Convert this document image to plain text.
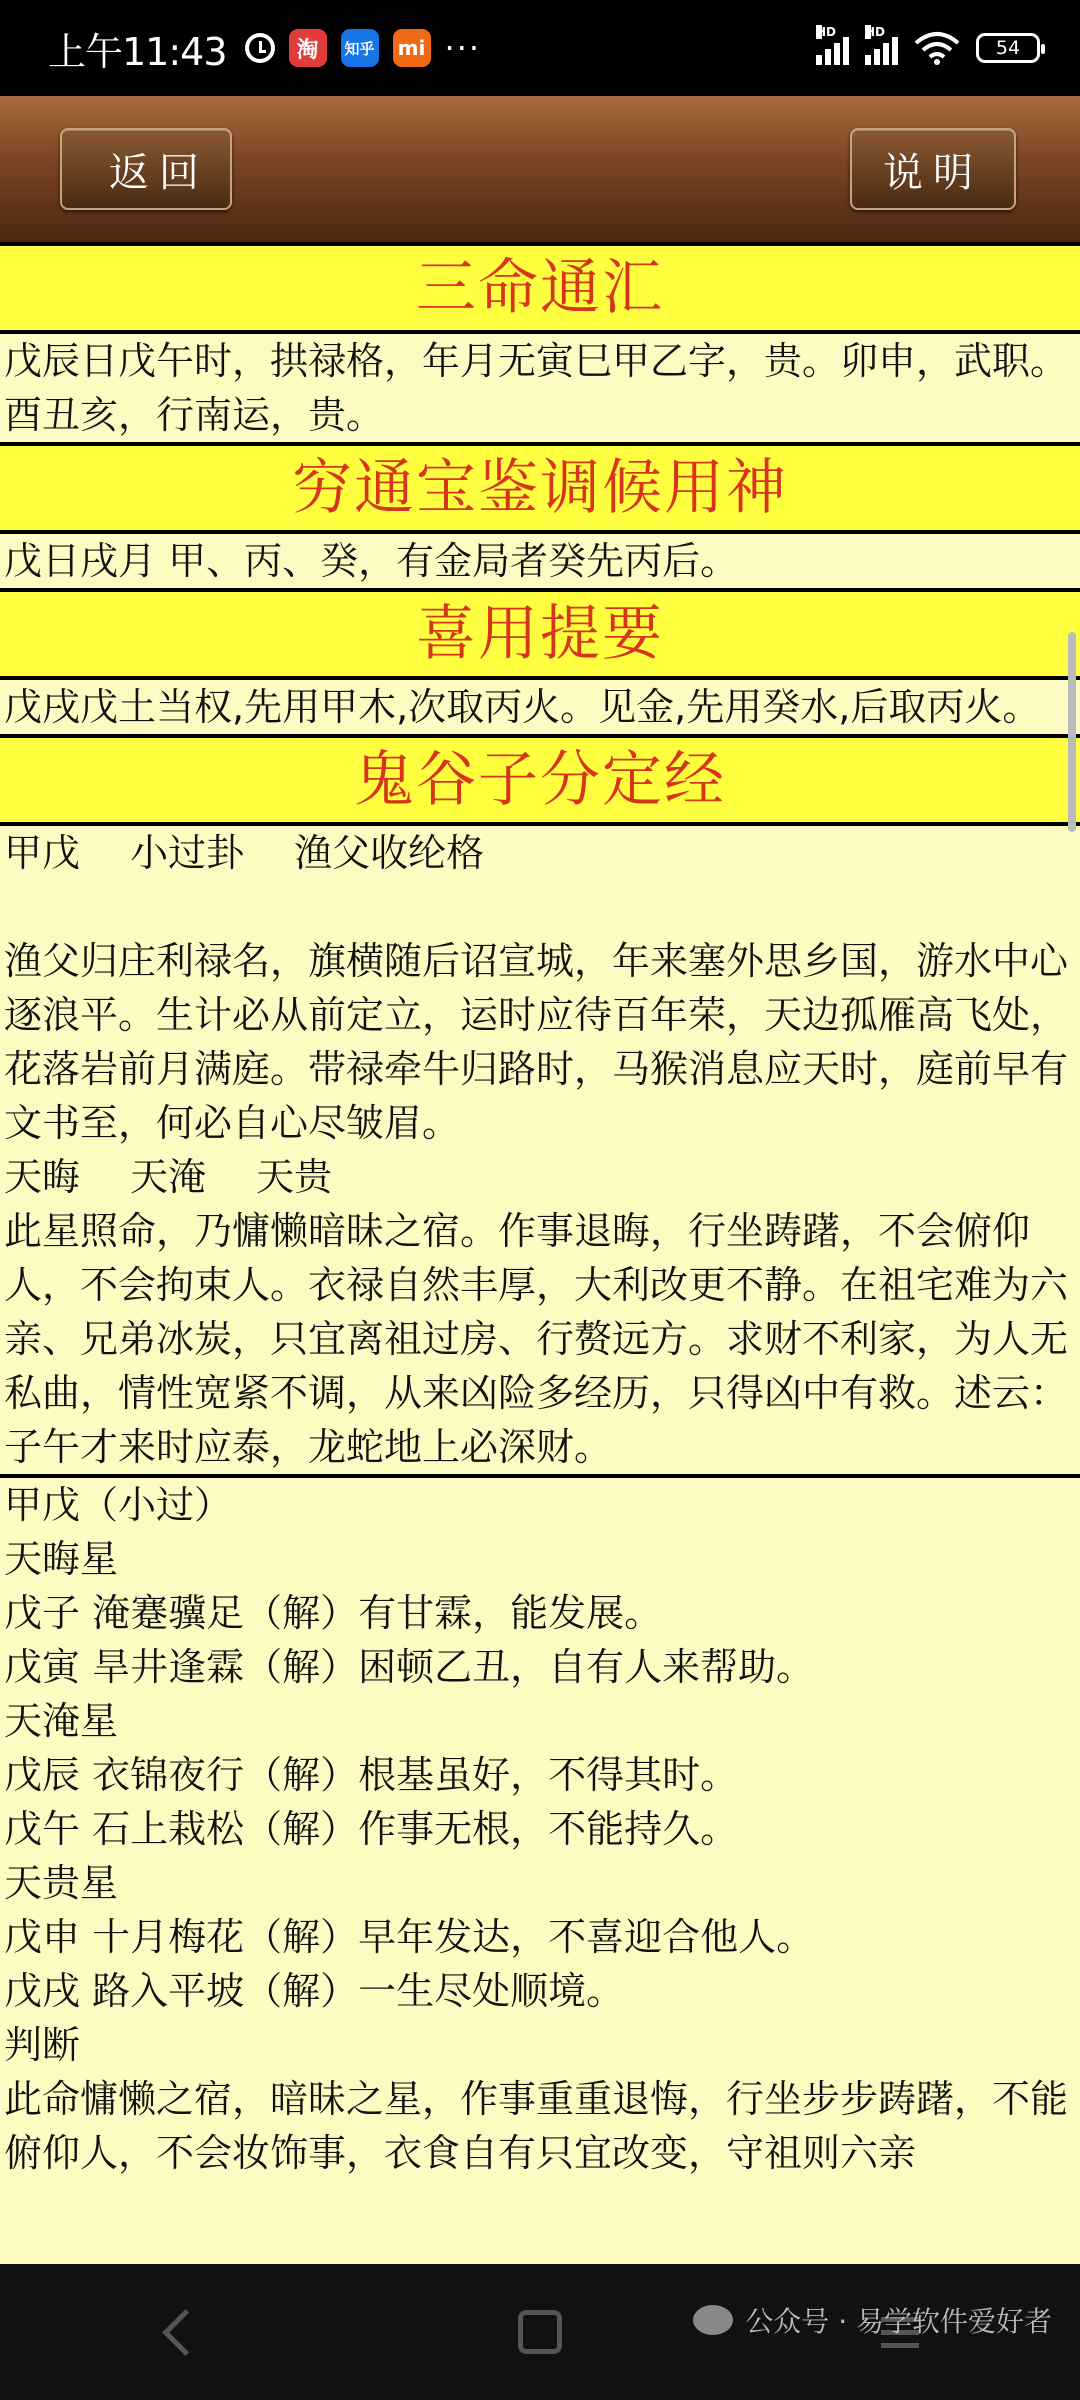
上午11:43	淘	知乎 mi ···	HD HD
54
返回	说明
三命通汇
戊辰日戊午时，拱禄格，年月无寅巳甲乙字，贵。卯申，武职。酉丑亥，行南运，贵。
穷通宝鉴调候用神
戊日戌月 甲、丙、癸，有金局者癸先丙后。
喜用提要
戊戌戊土当权,先用甲木,次取丙火。见金,先用癸水,后取丙火。
鬼谷子分定经
甲戊　 小过卦　 渔父收纶格

渔父归庄利禄名，旗横随后诏宣城，年来塞外思乡国，游水中心逐浪平。生计必从前定立，运时应待百年荣，天边孤雁高飞处，花落岩前月满庭。带禄牵牛归路时，马猴消息应天时，庭前早有文书至，何必自心尽皱眉。
天晦　 天淹　 天贵
此星照命，乃慵懒暗昧之宿。作事退晦，行坐踌躇，不会俯仰人，不会拘束人。衣禄自然丰厚，大利改更不静。在祖宅难为六亲、兄弟冰炭，只宜离祖过房、行赘远方。求财不利家，为人无私曲，情性宽紧不调，从来凶险多经历，只得凶中有救。述云：子午才来时应泰，龙蛇地上必深财。
甲戊（小过）
天晦星
戊子 淹蹇骥足（解）有甘霖，能发展。
戊寅 旱井逢霖（解）困顿乙丑，自有人来帮助。
天淹星
戊辰 衣锦夜行（解）根基虽好，不得其时。
戊午 石上栽松（解）作事无根，不能持久。
天贵星
戊申 十月梅花（解）早年发达，不喜迎合他人。
戊戌 路入平坡（解）一生尽处顺境。
判断
此命慵懒之宿，暗昧之星，作事重重退悔，行坐步步踌躇，不能俯仰人，不会妆饰事，衣食自有只宜改变，守祖则六亲
公众号 · 易学软件爱好者
